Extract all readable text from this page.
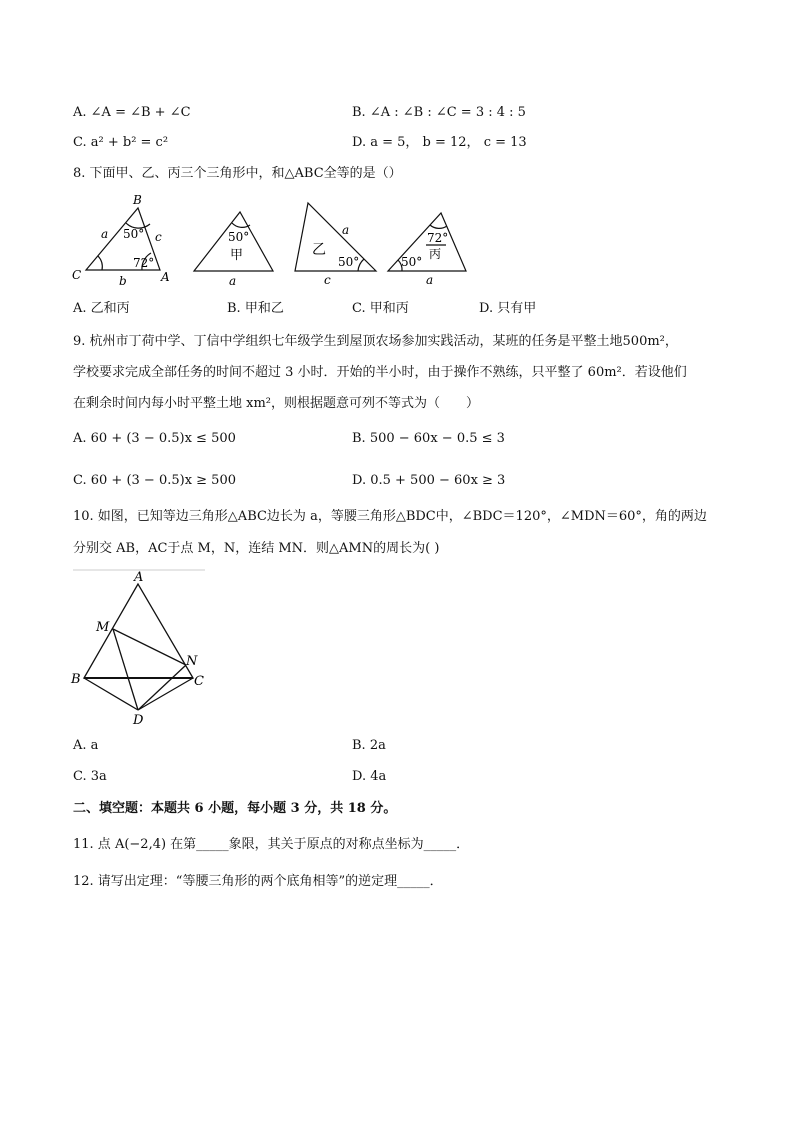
A. ∠A = ∠B + ∠C	B. ∠A : ∠B : ∠C = 3 : 4 : 5
C. a² + b² = c²	D. a = 5， b = 12， c = 13
8. 下面甲、乙、丙三个三角形中，和△ABC全等的是（）
B
C	A
a
b
c
50°
72°
50°
甲
a
乙
a
50°
c
72°
丙
50°
a
A. 乙和丙	B. 甲和乙	C. 甲和丙	D. 只有甲
9. 杭州市丁荷中学、丁信中学组织七年级学生到屋顶农场参加实践活动，某班的任务是平整土地500m²，
学校要求完成全部任务的时间不超过 3 小时．开始的半小时，由于操作不熟练，只平整了 60m²．若设他们
在剩余时间内每小时平整土地 xm²，则根据题意可列不等式为（　　）
A. 60 + (3 − 0.5)x ≤ 500	B. 500 − 60x − 0.5 ≤ 3
C. 60 + (3 − 0.5)x ≥ 500	D. 0.5 + 500 − 60x ≥ 3
10. 如图，已知等边三角形△ABC边长为 a，等腰三角形△BDC中，∠BDC＝120°，∠MDN＝60°，角的两边
分别交 AB，AC于点 M，N，连结 MN．则△AMN的周长为( )
A
M
N
B	C
D
A. a	B. 2a
C. 3a	D. 4a
二、填空题：本题共 6 小题，每小题 3 分，共 18 分。
11. 点 A(−2,4) 在第_____象限，其关于原点的对称点坐标为_____．
12. 请写出定理：“等腰三角形的两个底角相等”的逆定理_____．
